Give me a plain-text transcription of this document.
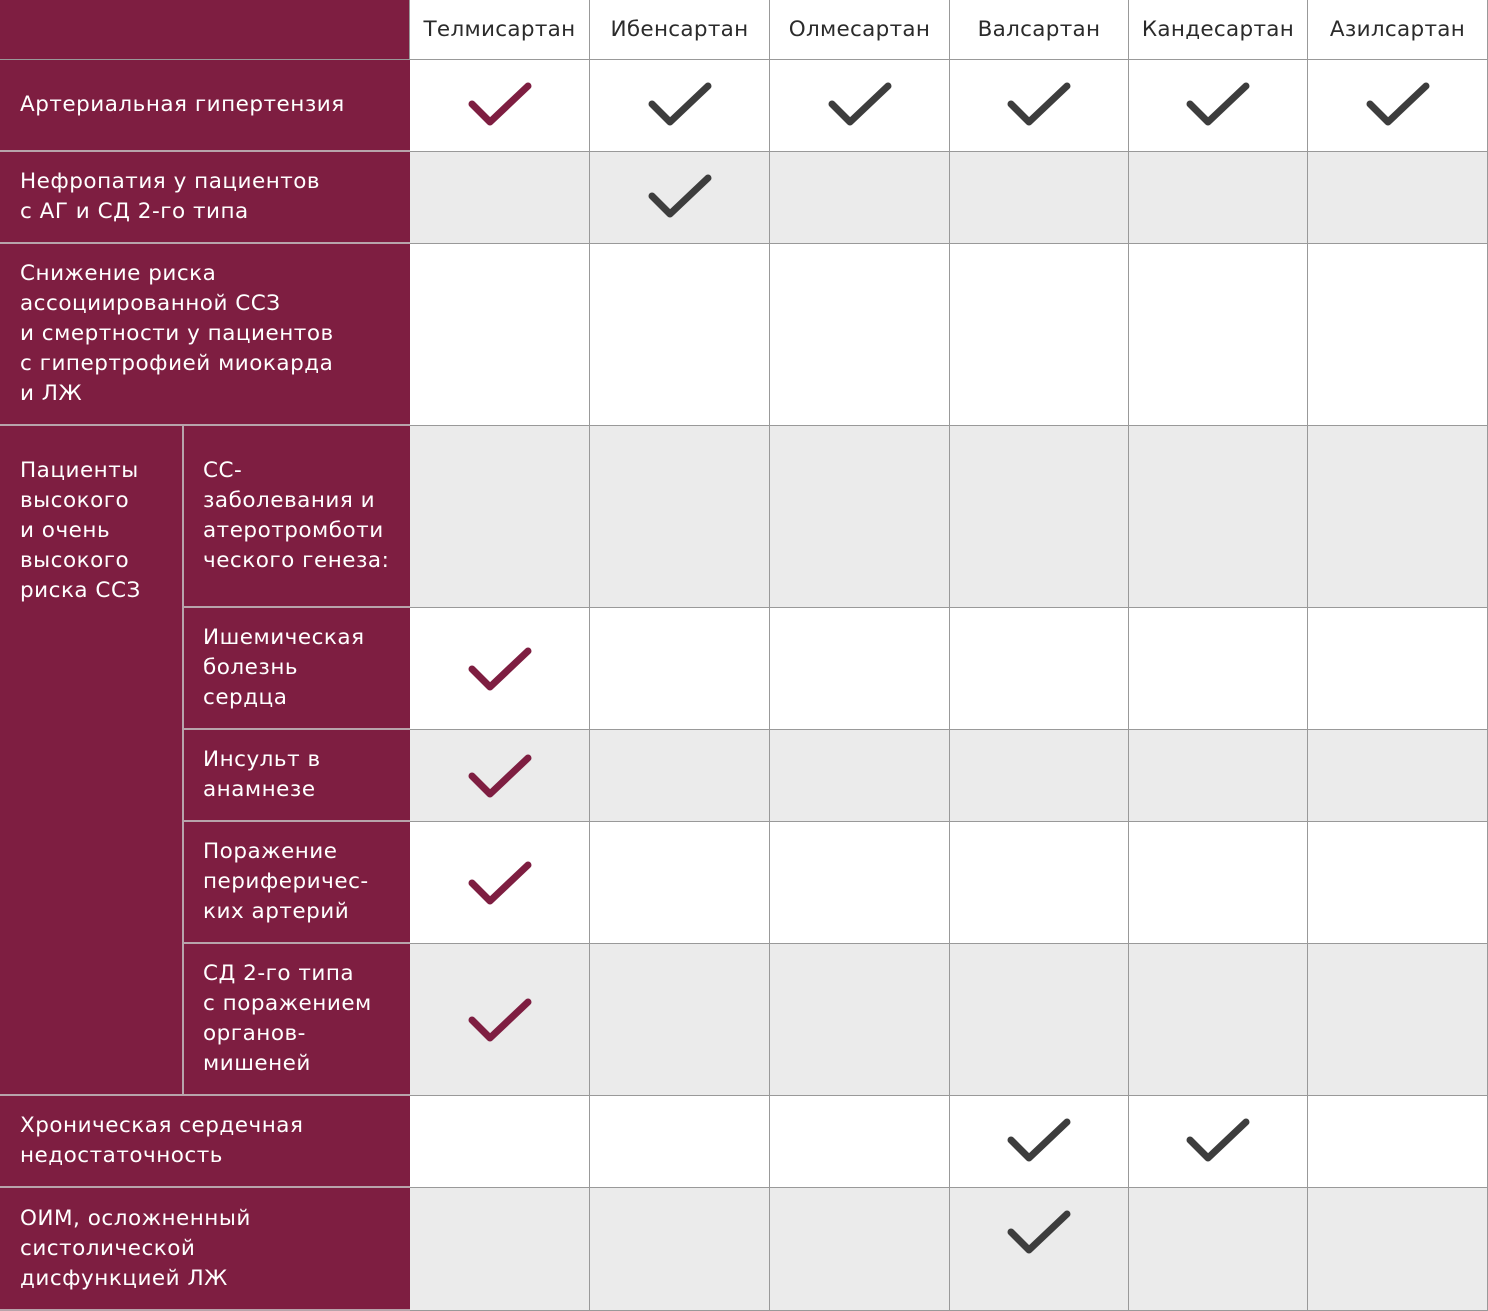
Телмисартан Ибенсартан Олмесартан Валсартан Кандесартан Азилсартан
Артериальная гипертензия
Нефропатия у пациентов
с АГ и СД 2-го типа
Снижение риска
ассоциированной ССЗ
и смертности у пациентов
с гипертрофией миокарда
и ЛЖ
СС-
заболевания и
атеротромботи
ческого генеза:
Ишемическая
болезнь
сердца
Инсульт в
анамнезе
Поражение
периферичес-
ких артерий
СД 2-го типа
с поражением
органов-
мишеней
Хроническая сердечная
недостаточность
ОИМ, осложненный
систолической
дисфункцией ЛЖ
Пациенты
высокого
и очень
высокого
риска ССЗ
